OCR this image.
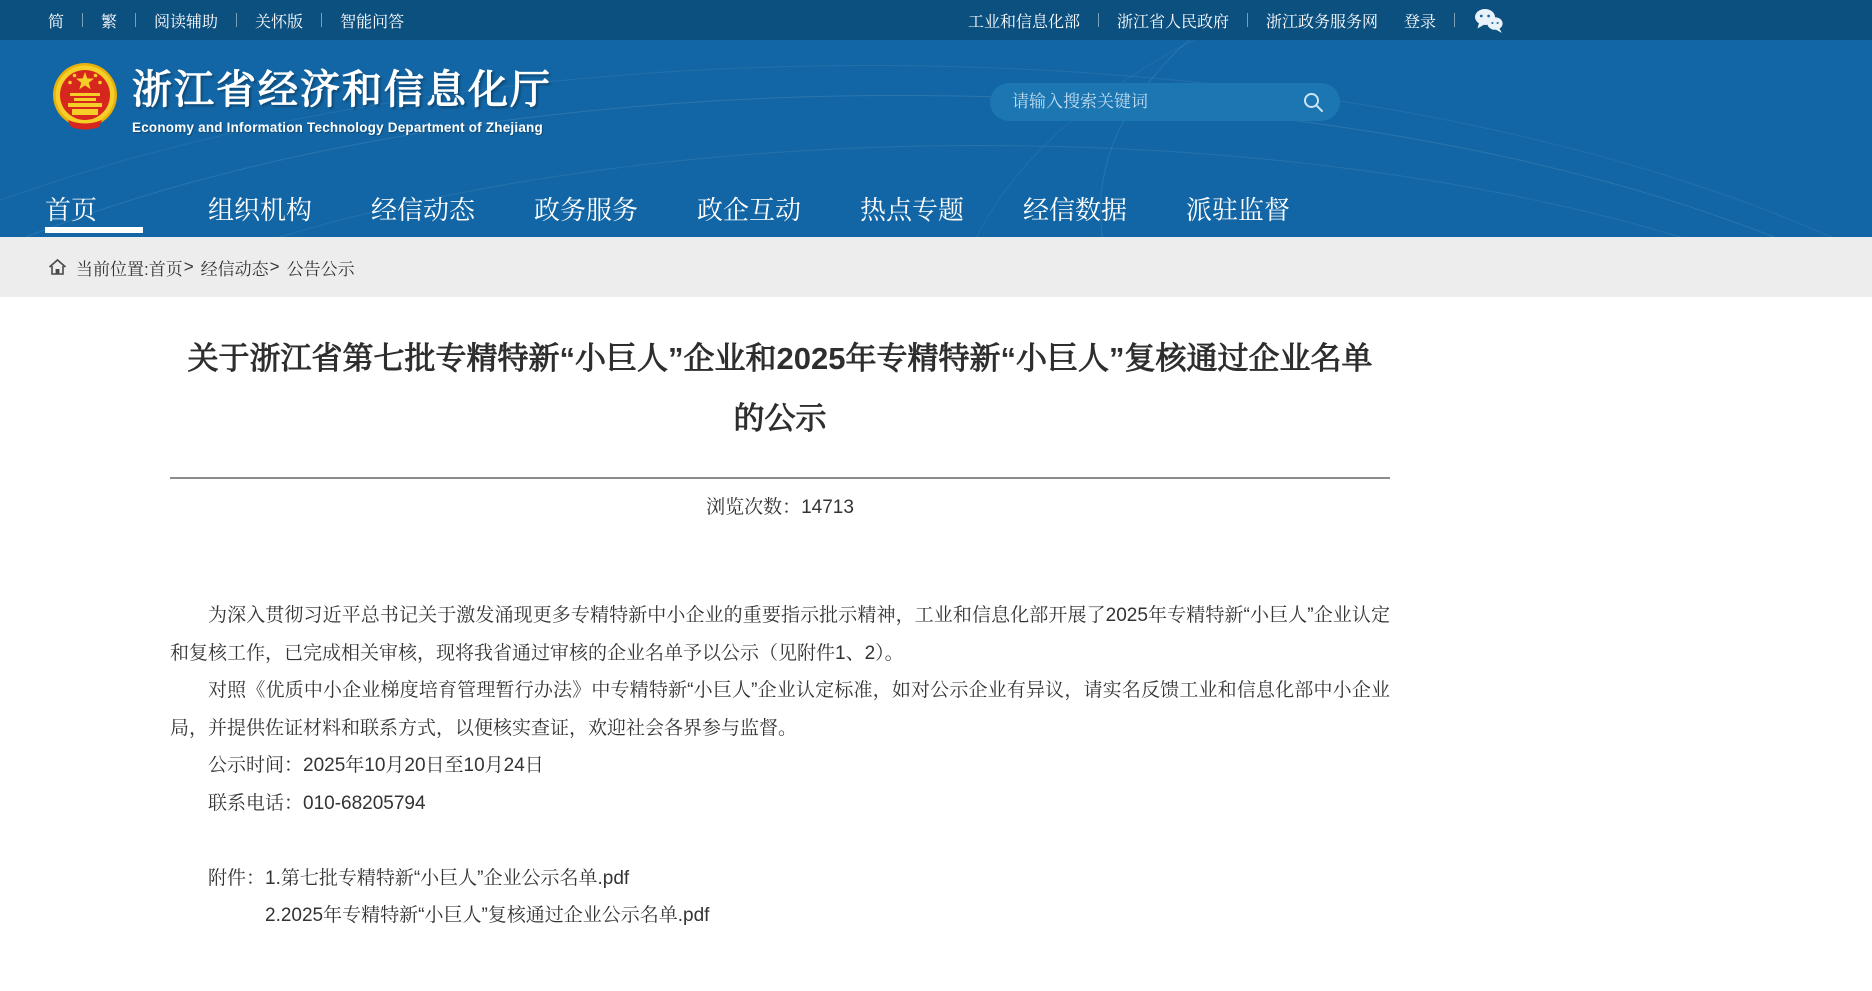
简 繁 阅读辅助 关怀版 智能问答	工业和信息化部 浙江省人民政府 浙江政务服务网 登录
浙江省经济和信息化厅
Economy and Information Technology Department of Zhejiang
请输入搜索关键词
首页	组织机构	经信动态	政务服务	政企互动	热点专题	经信数据	派驻监督
当前位置: 首页 > 经信动态 > 公告公示
关于浙江省第七批专精特新“小巨人”企业和2025年专精特新“小巨人”复核通过企业名单的公示
浏览次数：14713

为深入贯彻习近平总书记关于激发涌现更多专精特新中小企业的重要指示批示精神，工业和信息化部开展了2025年专精特新“小巨人”企业认定和复核工作，已完成相关审核，现将我省通过审核的企业名单予以公示（见附件1、2）。

对照《优质中小企业梯度培育管理暂行办法》中专精特新“小巨人”企业认定标准，如对公示企业有异议，请实名反馈工业和信息化部中小企业局，并提供佐证材料和联系方式，以便核实查证，欢迎社会各界参与监督。

公示时间：2025年10月20日至10月24日

联系电话：010-68205794

附件：1.第七批专精特新“小巨人”企业公示名单.pdf
2.2025年专精特新“小巨人”复核通过企业公示名单.pdf
